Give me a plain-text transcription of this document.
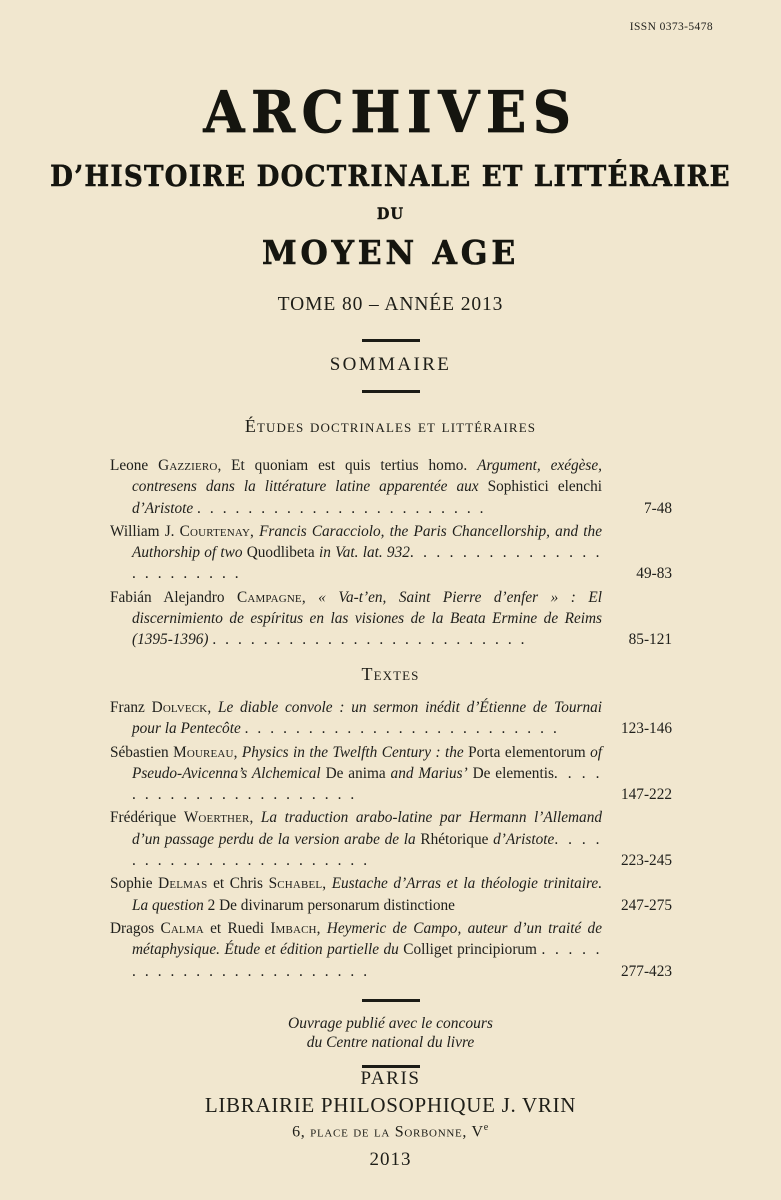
ISSN 0373-5478
ARCHIVES
D’HISTOIRE DOCTRINALE ET LITTÉRAIRE
DU
MOYEN AGE
TOME 80 – ANNÉE 2013
SOMMAIRE
Études doctrinales et littéraires
Leone Gazziero, Et quoniam est quis tertius homo. Argument, exégèse, contresens dans la littérature latine apparentée aux Sophistici elenchi d’Aristote . . . . . . . . . . . . . . . . . . . . . . .	7-48
William J. Courtenay, Francis Caracciolo, the Paris Chancellorship, and the Authorship of two Quodlibeta in Vat. lat. 932. . . . . . . . . . . . . . . . . . . . . . . .	49-83
Fabián Alejandro Campagne, « Va-t’en, Saint Pierre d’enfer » : El discernimiento de espíritus en las visiones de la Beata Ermine de Reims (1395-1396) . . . . . . . . . . . . . . . . . . . . . . . . .	85-121
Textes
Franz Dolveck, Le diable convole : un sermon inédit d’Étienne de Tournai pour la Pentecôte . . . . . . . . . . . . . . . . . . . . . . . . .	123-146
Sébastien Moureau, Physics in the Twelfth Century : the Porta elementorum of Pseudo-Avicenna’s Alchemical De anima and Marius’ De elementis. . . . . . . . . . . . . . . . . . . . . .	147-222
Frédérique Woerther, La traduction arabo-latine par Hermann l’Allemand d’un passage perdu de la version arabe de la Rhétorique d’Aristote. . . . . . . . . . . . . . . . . . . . . . .	223-245
Sophie Delmas et Chris Schabel, Eustache d’Arras et la théologie trinitaire. La question 2 De divinarum personarum distinctione	247-275
Dragos Calma et Ruedi Imbach, Heymeric de Campo, auteur d’un traité de métaphysique. Étude et édition partielle du Colliget principiorum . . . . . . . . . . . . . . . . . . . . . . . .	277-423
Ouvrage publié avec le concours
du Centre national du livre
PARIS
LIBRAIRIE PHILOSOPHIQUE J. VRIN
6, place de la Sorbonne, Ve
2013
